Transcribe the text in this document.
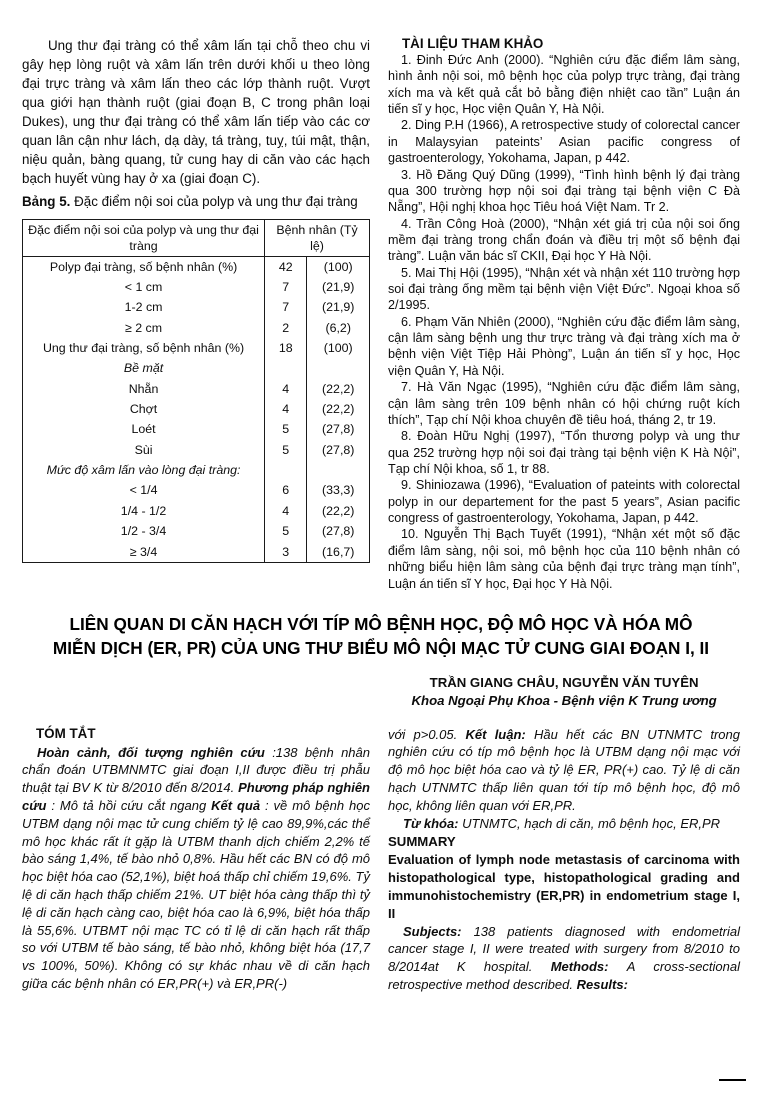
Ung thư đại tràng có thể xâm lấn tại chỗ theo chu vi gây hẹp lòng ruột và xâm lấn trên dưới khối u theo lòng đại trực tràng và xâm lấn theo các lớp thành ruột. Vượt qua giới hạn thành ruột (giai đoạn B, C trong phân loại Dukes), ung thư đại tràng có thể xâm lấn tiếp vào các cơ quan lân cận như lách, dạ dày, tá tràng, tuỵ, túi mật, thận, niệu quản, bàng quang, tử cung hay di căn vào các hạch bạch huyết vùng hay ở xa (giai đoạn C).

Bảng 5. Đặc điểm nội soi của polyp và ung thư đại tràng

Đặc điểm nội soi của polyp và ung thư đại tràng	Bệnh nhân (Tỷ lệ)	
Polyp đại tràng, số bệnh nhân (%)	42	(100)
< 1 cm	7	(21,9)
1-2 cm	7	(21,9)
≥ 2 cm	2	(6,2)
Ung thư đại tràng, số bệnh nhân (%)	18	(100)
Bề mặt		
Nhẵn	4	(22,2)
Chợt	4	(22,2)
Loét	5	(27,8)
Sùi	5	(27,8)
Mức độ xâm lấn vào lòng đại tràng:		
< 1/4	6	(33,3)
1/4 - 1/2	4	(22,2)
1/2 - 3/4	5	(27,8)
≥ 3/4	3	(16,7)
TÀI LIỆU THAM KHẢO

1. Đinh Đức Anh (2000). “Nghiên cứu đặc điểm lâm sàng, hình ảnh nội soi, mô bệnh học của polyp trực tràng, đại tràng xích ma và kết quả cắt bỏ bằng điện nhiệt cao tần” Luận án tiến sĩ y học, Học viện Quân Y, Hà Nội.

2. Ding P.H (1966), A retrospective study of colorectal cancer in Malaysyian pateints’ Asian pacific congress of gastroenterology, Yokohama, Japan, p 442.

3. Hồ Đăng Quý Dũng (1999), “Tình hình bệnh lý đại tràng qua 300 trường hợp nội soi đại tràng tại bệnh viện C Đà Nẵng”, Hội nghị khoa học Tiêu hoá Việt Nam. Tr 2.

4. Trần Công Hoà (2000), “Nhận xét giá trị của nội soi ống mềm đại tràng trong chẩn đoán và điều trị một số bệnh đại tràng”. Luận văn bác sĩ CKII, Đại học Y Hà Nội.

5. Mai Thị Hội (1995), “Nhận xét và nhận xét 110 trường hợp soi đại tràng ống mềm tại bệnh viện Việt Đức”. Ngoại khoa số 2/1995.

6. Phạm Văn Nhiên (2000), “Nghiên cứu đặc điểm lâm sàng, cận lâm sàng bệnh ung thư trực tràng và đại tràng xích ma ở bệnh viện Việt Tiệp Hải Phòng”, Luận án tiến sĩ y học, Học viện Quân Y, Hà Nội.

7. Hà Văn Ngạc (1995), “Nghiên cứu đặc điểm lâm sàng, cận lâm sàng trên 109 bệnh nhân có hội chứng ruột kích thích”, Tạp chí Nội khoa chuyên đề tiêu hoá, tháng 2, tr 19.

8. Đoàn Hữu Nghị (1997), “Tổn thương polyp và ung thư qua 252 trường hợp nội soi đại tràng tại bệnh viện K Hà Nội”, Tạp chí Nội khoa, số 1, tr 88.

9. Shiniozawa (1996), “Evaluation of pateints with colorectal polyp in our departement for the past 5 years”, Asian pacific congress of gastroenterology, Yokohama, Japan, p 442.

10. Nguyễn Thị Bạch Tuyết (1991), “Nhận xét một số đặc điểm lâm sàng, nội soi, mô bệnh học của 110 bệnh nhân có những biểu hiện lâm sàng của bệnh đại trực tràng mạn tính”, Luận án tiến sĩ Y học, Đại học Y Hà Nội.

LIÊN QUAN DI CĂN HẠCH VỚI TÍP MÔ BỆNH HỌC, ĐỘ MÔ HỌC VÀ HÓA MÔ
MIỄN DỊCH (ER, PR) CỦA UNG THƯ BIỂU MÔ NỘI MẠC TỬ CUNG GIAI ĐOẠN I, II
TRẦN GIANG CHÂU, NGUYỄN VĂN TUYÊN
Khoa Ngoại Phụ Khoa - Bệnh viện K Trung ương
TÓM TẮT

Hoàn cảnh, đối tượng nghiên cứu :138 bệnh nhân chẩn đoán UTBMNMTC giai đoạn I,II được điều trị phẫu thuật tại BV K từ 8/2010 đến 8/2014. Phương pháp nghiên cứu : Mô tả hồi cứu cắt ngang Kết quả : về mô bệnh học UTBM dạng nội mạc tử cung chiếm tỷ lệ cao 89,9%,các thể mô học khác rất ít gặp là UTBM thanh dịch chiếm 2,2% tế bào sáng 1,4%, tế bào nhỏ 0,8%. Hầu hết các BN có độ mô học biệt hóa cao (52,1%), biệt hoá thấp chỉ chiếm 19,6%. Tỷ lệ di căn hạch thấp chiếm 21%. UT biệt hóa càng thấp thì tỷ lệ di căn hạch càng cao, biệt hóa cao là 6,9%, biệt hóa thấp là 55,6%. UTBMT nội mạc TC có tỉ lệ di căn hạch rất thấp so với UTBM tế bào sáng, tế bào nhỏ, không biệt hóa (17,7 vs 100%, 50%). Không có sự khác nhau về di căn hạch giữa các bệnh nhân có ER,PR(+) và ER,PR(-)

với p>0.05. Kết luận: Hầu hết các BN UTNMTC trong nghiên cứu có típ mô bệnh học là UTBM dạng nội mạc với độ mô học biệt hóa cao và tỷ lệ ER, PR(+) cao. Tỷ lệ di căn hạch UTNMTC thấp liên quan tới típ mô bệnh học, độ mô học, không liên quan với ER,PR.

Từ khóa: UTNMTC, hạch di căn, mô bệnh học, ER,PR

SUMMARY

Evaluation of lymph node metastasis of carcinoma with histopathological type, histopathological grading and immunohistochemistry (ER,PR) in endometrium stage I, II

Subjects: 138 patients diagnosed with endometrial cancer stage I, II were treated with surgery from 8/2010 to 8/2014at K hospital. Methods: A cross-sectional retrospective method described. Results:
